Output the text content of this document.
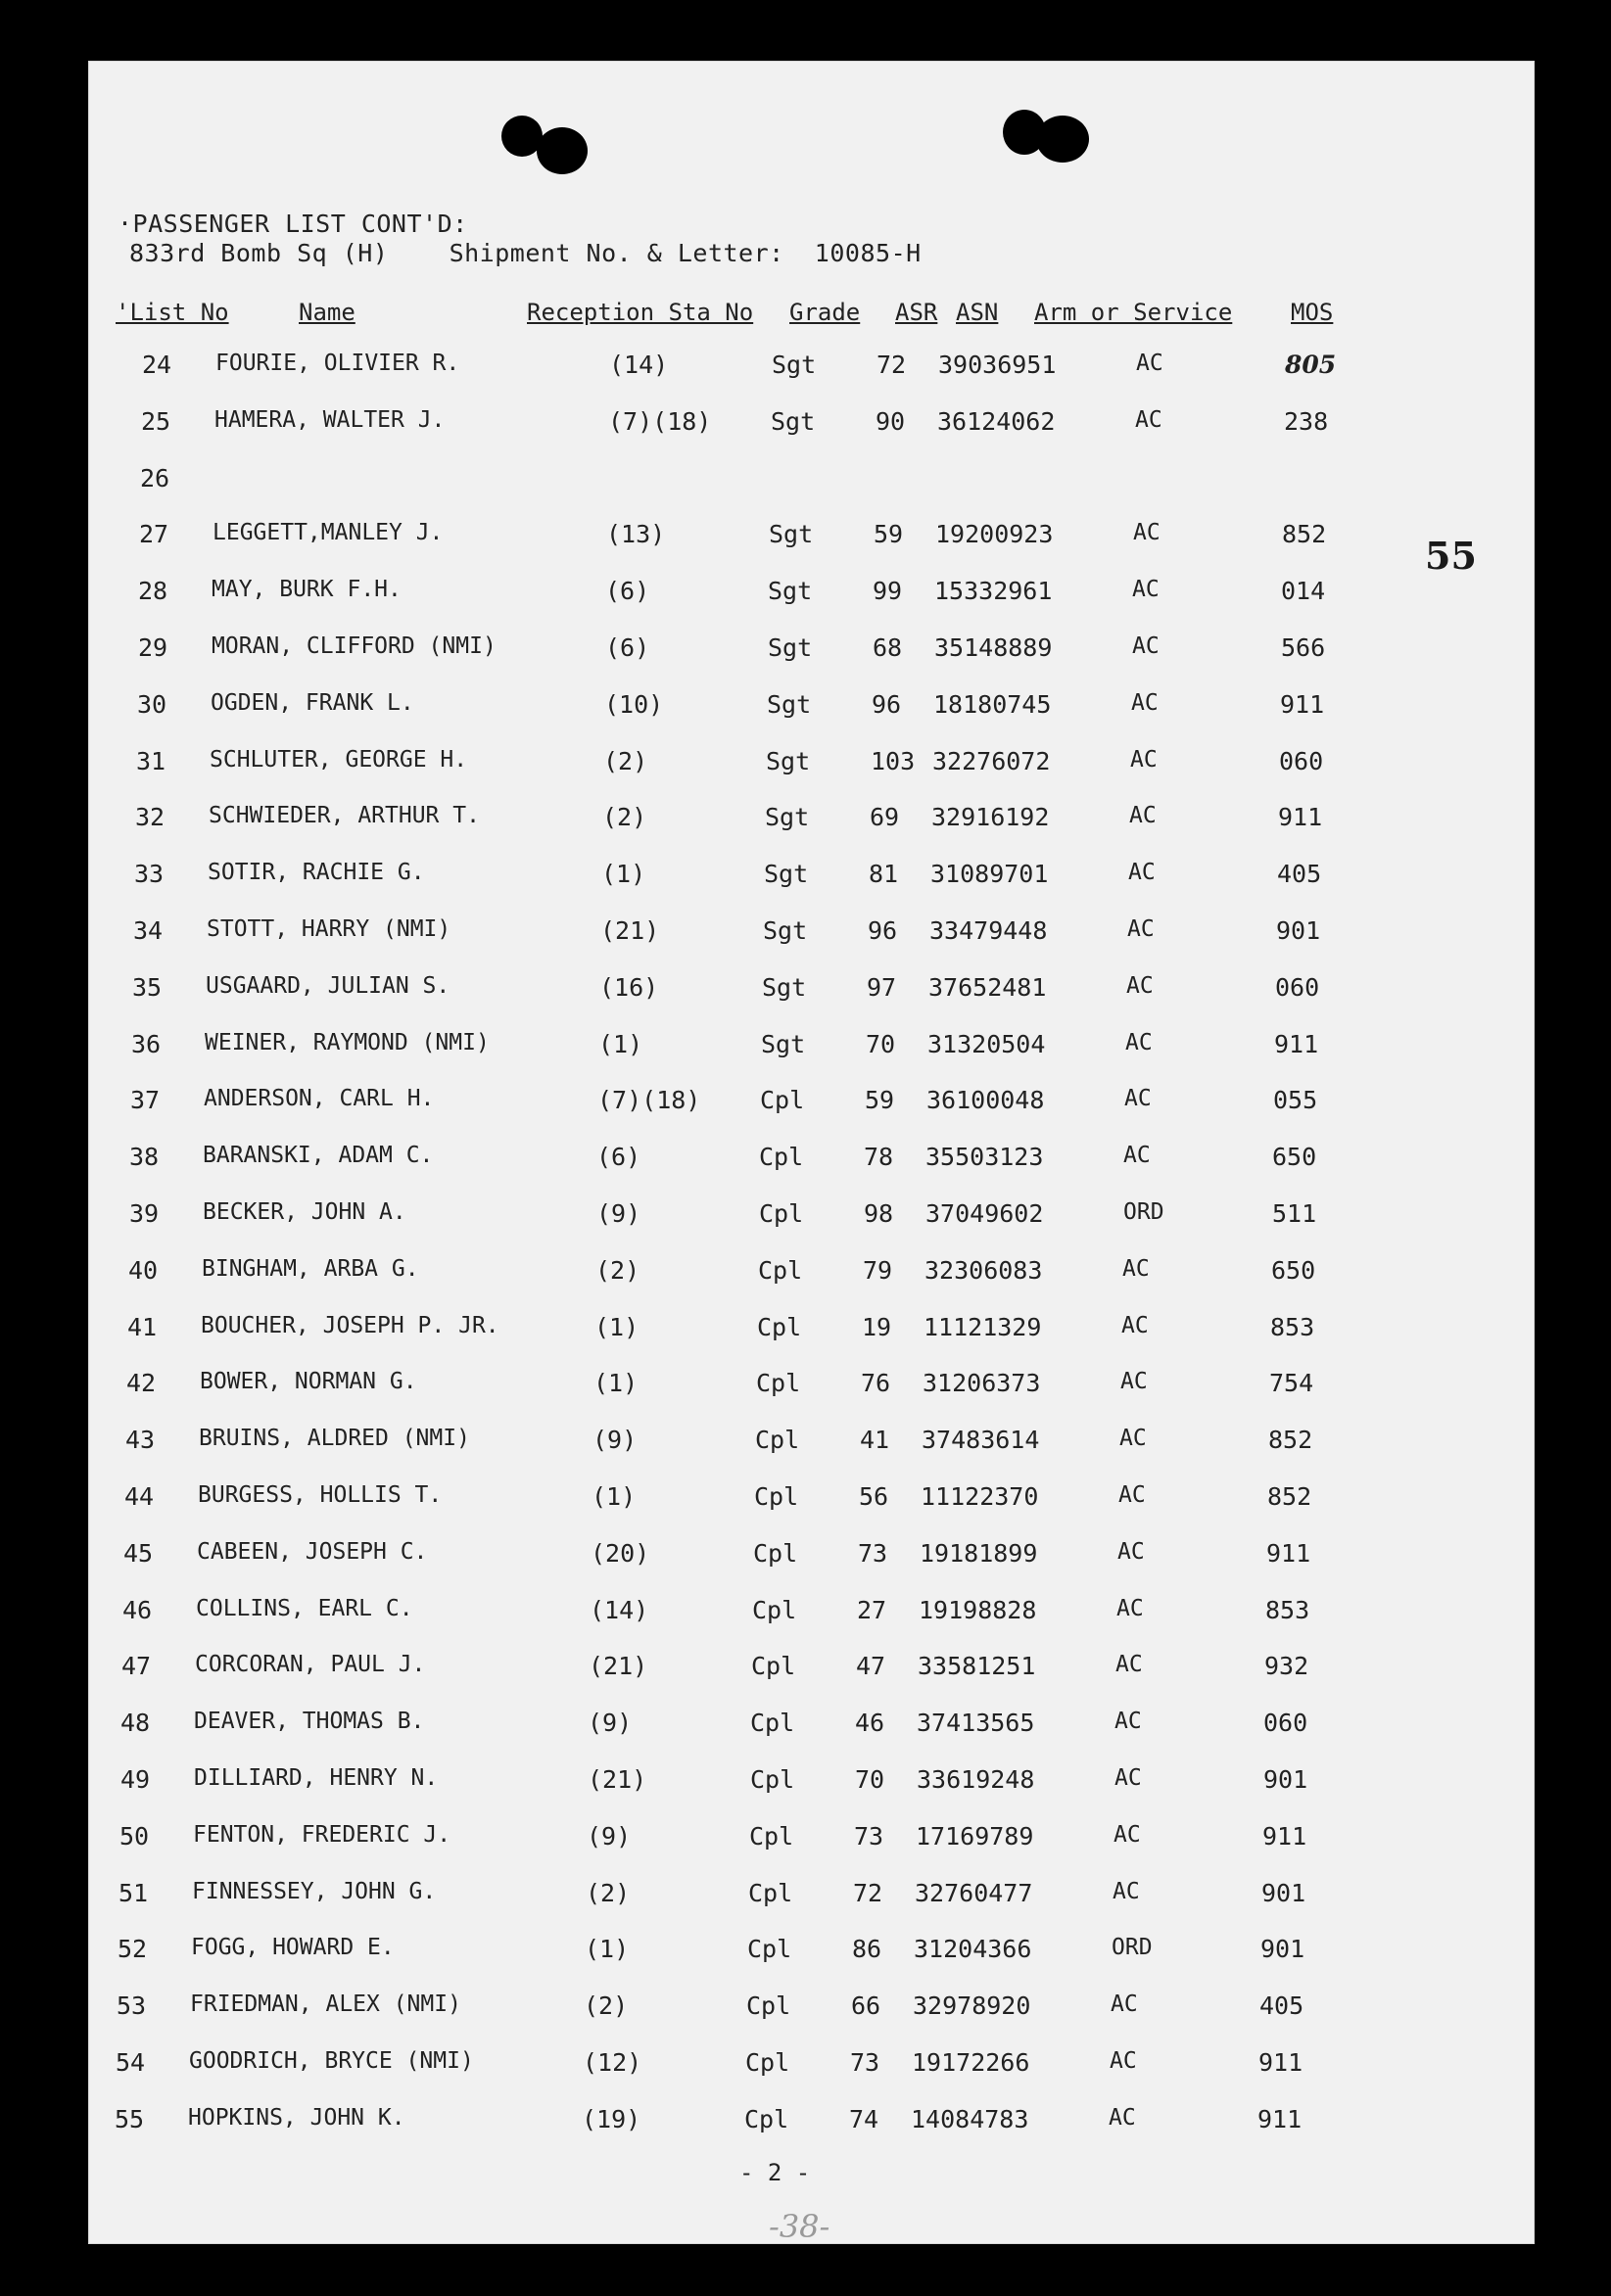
·PASSENGER LIST CONT'D:
833rd Bomb Sq (H)    Shipment No. & Letter:  10085-H
'List No	Name	Reception Sta No Grade ASR ASN Arm or Service MOS
24 FOURIE, OLIVIER R.	(14)	Sgt 72 39036951	AC	805
25 HAMERA, WALTER J.	(7)(18) Sgt 90 36124062	AC	238
26
27 LEGGETT,MANLEY J.	(13)	Sgt 59 19200923	AC	852
28 MAY, BURK F.H.	(6)	Sgt 99 15332961	AC	014
29 MORAN, CLIFFORD (NMI)	(6)	Sgt 68 35148889	AC	566
30 OGDEN, FRANK L.	(10)	Sgt 96 18180745	AC	911
31 SCHLUTER, GEORGE H.	(2)	Sgt 103 32276072	AC	060
32 SCHWIEDER, ARTHUR T.	(2)	Sgt 69 32916192	AC	911
33 SOTIR, RACHIE G.	(1)	Sgt 81 31089701	AC	405
34 STOTT, HARRY (NMI)	(21)	Sgt 96 33479448	AC	901
35 USGAARD, JULIAN S.	(16)	Sgt 97 37652481	AC	060
36 WEINER, RAYMOND (NMI)	(1)	Sgt 70 31320504	AC	911
37 ANDERSON, CARL H.	(7)(18) Cpl 59 36100048	AC	055
38 BARANSKI, ADAM C.	(6)	Cpl 78 35503123	AC	650
39 BECKER, JOHN A.	(9)	Cpl 98 37049602	ORD	511
40 BINGHAM, ARBA G.	(2)	Cpl 79 32306083	AC	650
41 BOUCHER, JOSEPH P. JR.	(1)	Cpl 19 11121329	AC	853
42 BOWER, NORMAN G.	(1)	Cpl 76 31206373	AC	754
43 BRUINS, ALDRED (NMI)	(9)	Cpl 41 37483614	AC	852
44 BURGESS, HOLLIS T.	(1)	Cpl 56 11122370	AC	852
45 CABEEN, JOSEPH C.	(20)	Cpl 73 19181899	AC	911
46 COLLINS, EARL C.	(14)	Cpl 27 19198828	AC	853
47 CORCORAN, PAUL J.	(21)	Cpl 47 33581251	AC	932
48 DEAVER, THOMAS B.	(9)	Cpl 46 37413565	AC	060
49 DILLIARD, HENRY N.	(21)	Cpl 70 33619248	AC	901
50 FENTON, FREDERIC J.	(9)	Cpl 73 17169789	AC	911
51 FINNESSEY, JOHN G.	(2)	Cpl 72 32760477	AC	901
52 FOGG, HOWARD E.	(1)	Cpl 86 31204366	ORD	901
53 FRIEDMAN, ALEX (NMI)	(2)	Cpl 66 32978920	AC	405
54 GOODRICH, BRYCE (NMI)	(12)	Cpl 73 19172266	AC	911
55 HOPKINS, JOHN K.	(19)	Cpl 74 14084783	AC	911
55
- 2 -
-38-
